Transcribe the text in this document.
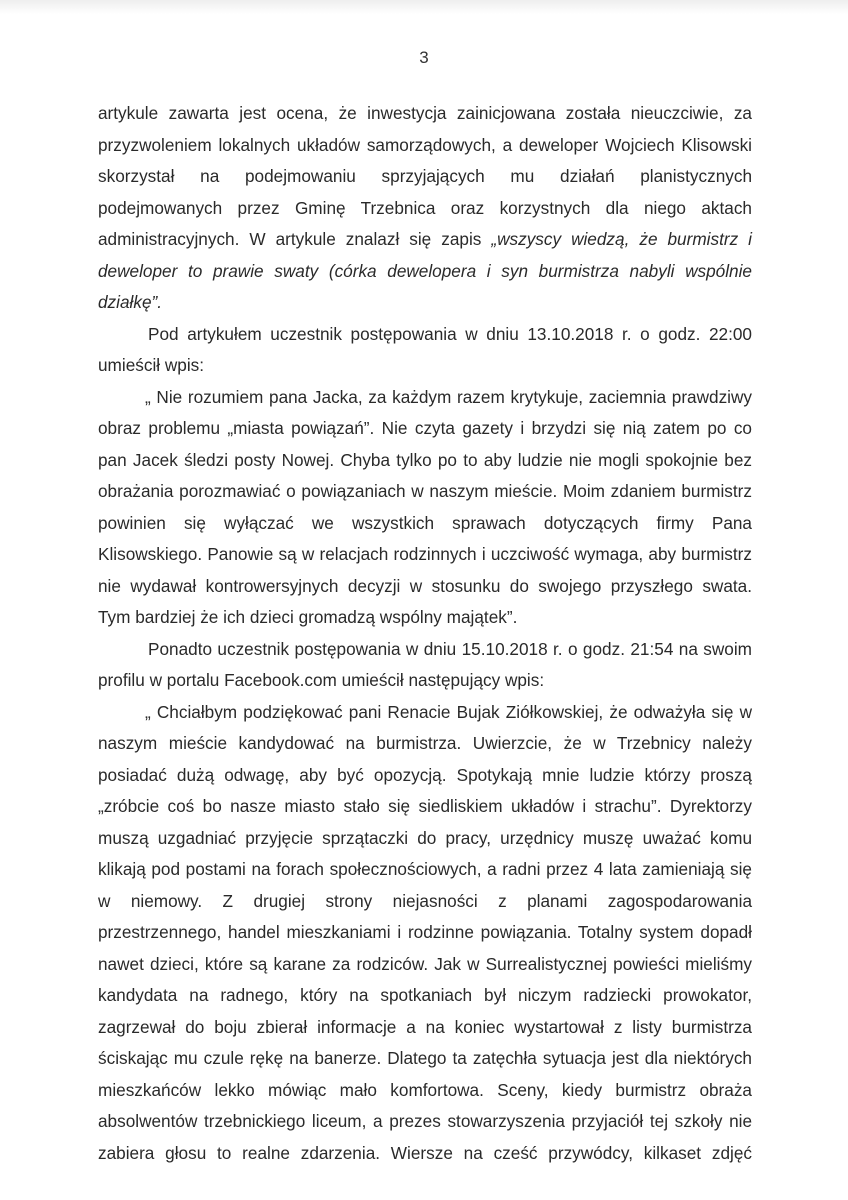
3
artykule zawarta jest ocena, że inwestycja zainicjowana została nieuczciwie, za
przyzwoleniem lokalnych układów samorządowych, a deweloper Wojciech Klisowski
skorzystał na podejmowaniu sprzyjających mu działań planistycznych
podejmowanych przez Gminę Trzebnica oraz korzystnych dla niego aktach
administracyjnych. W artykule znalazł się zapis „wszyscy wiedzą, że burmistrz i
deweloper to prawie swaty (córka dewelopera i syn burmistrza nabyli wspólnie
działkę”.
Pod artykułem uczestnik postępowania w dniu 13.10.2018 r. o godz. 22:00
umieścił wpis:
„ Nie rozumiem pana Jacka, za każdym razem krytykuje, zaciemnia prawdziwy
obraz problemu „miasta powiązań”. Nie czyta gazety i brzydzi się nią zatem po co
pan Jacek śledzi posty Nowej. Chyba tylko po to aby ludzie nie mogli spokojnie bez
obrażania porozmawiać o powiązaniach w naszym mieście. Moim zdaniem burmistrz
powinien się wyłączać we wszystkich sprawach dotyczących firmy Pana
Klisowskiego. Panowie są w relacjach rodzinnych i uczciwość wymaga, aby burmistrz
nie wydawał kontrowersyjnych decyzji w stosunku do swojego przyszłego swata.
Tym bardziej że ich dzieci gromadzą wspólny majątek”.
Ponadto uczestnik postępowania w dniu 15.10.2018 r. o godz. 21:54 na swoim
profilu w portalu Facebook.com umieścił następujący wpis:
„ Chciałbym podziękować pani Renacie Bujak Ziółkowskiej, że odważyła się w
naszym mieście kandydować na burmistrza. Uwierzcie, że w Trzebnicy należy
posiadać dużą odwagę, aby być opozycją. Spotykają mnie ludzie którzy proszą
„zróbcie coś bo nasze miasto stało się siedliskiem układów i strachu”. Dyrektorzy
muszą uzgadniać przyjęcie sprzątaczki do pracy, urzędnicy muszę uważać komu
klikają pod postami na forach społecznościowych, a radni przez 4 lata zamieniają się
w niemowy. Z drugiej strony niejasności z planami zagospodarowania
przestrzennego, handel mieszkaniami i rodzinne powiązania. Totalny system dopadł
nawet dzieci, które są karane za rodziców. Jak w Surrealistycznej powieści mieliśmy
kandydata na radnego, który na spotkaniach był niczym radziecki prowokator,
zagrzewał do boju zbierał informacje a na koniec wystartował z listy burmistrza
ściskając mu czule rękę na banerze. Dlatego ta zatęchła sytuacja jest dla niektórych
mieszkańców lekko mówiąc mało komfortowa. Sceny, kiedy burmistrz obraża
absolwentów trzebnickiego liceum, a prezes stowarzyszenia przyjaciół tej szkoły nie
zabiera głosu to realne zdarzenia. Wiersze na cześć przywódcy, kilkaset zdjęć
